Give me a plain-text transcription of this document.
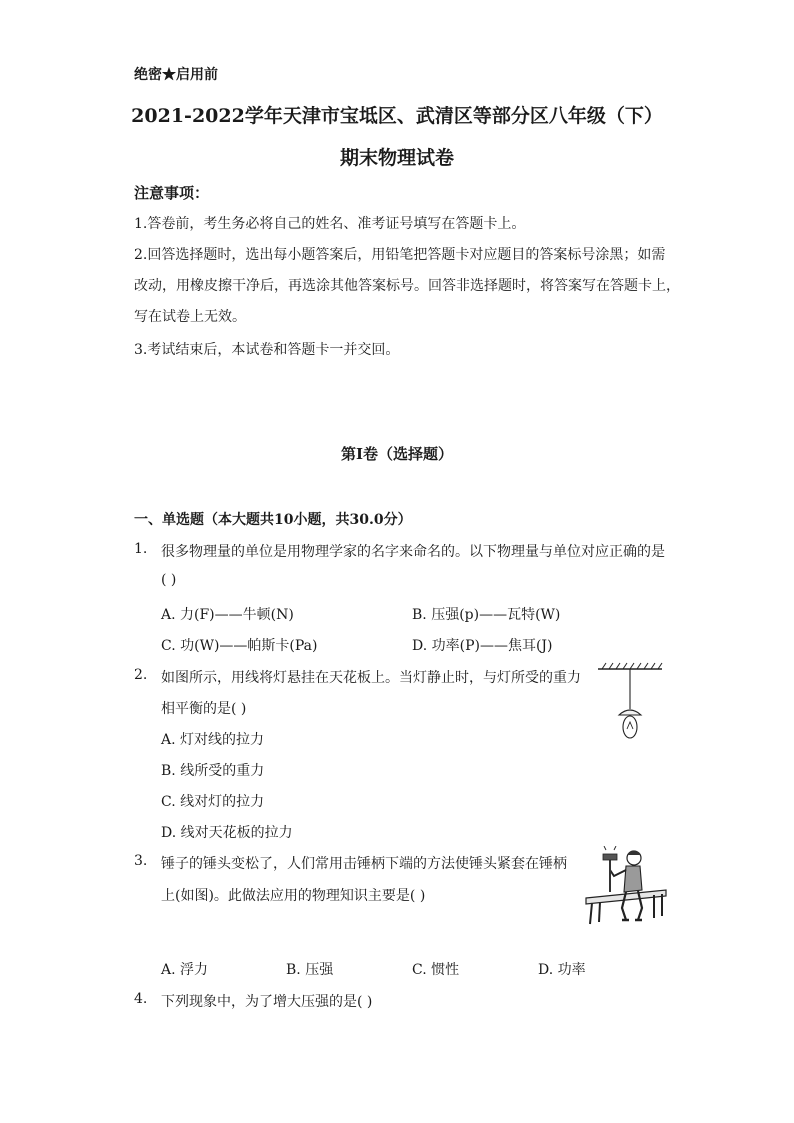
绝密★启用前
2021-2022学年天津市宝坻区、武清区等部分区八年级（下）
期末物理试卷
注意事项：
1.答卷前，考生务必将自己的姓名、准考证号填写在答题卡上。
2.回答选择题时，选出每小题答案后，用铅笔把答题卡对应题目的答案标号涂黑；如需
改动，用橡皮擦干净后，再选涂其他答案标号。回答非选择题时，将答案写在答题卡上，
写在试卷上无效。
3.考试结束后，本试卷和答题卡一并交回。
第Ⅰ卷（选择题）
一、单选题（本大题共10小题，共30.0分）
1. 很多物理量的单位是用物理学家的名字来命名的。以下物理量与单位对应正确的是
( )
A. 力(F)——牛顿(N)	B. 压强(p)——瓦特(W)
C. 功(W)——帕斯卡(Pa)	D. 功率(P)——焦耳(J)
2. 如图所示，用线将灯悬挂在天花板上。当灯静止时，与灯所受的重力
相平衡的是( )
A. 灯对线的拉力
B. 线所受的重力
C. 线对灯的拉力
D. 线对天花板的拉力
3. 锤子的锤头变松了，人们常用击锤柄下端的方法使锤头紧套在锤柄
上(如图)。此做法应用的物理知识主要是( )
A. 浮力	B. 压强	C. 惯性	D. 功率
4. 下列现象中，为了增大压强的是( )
